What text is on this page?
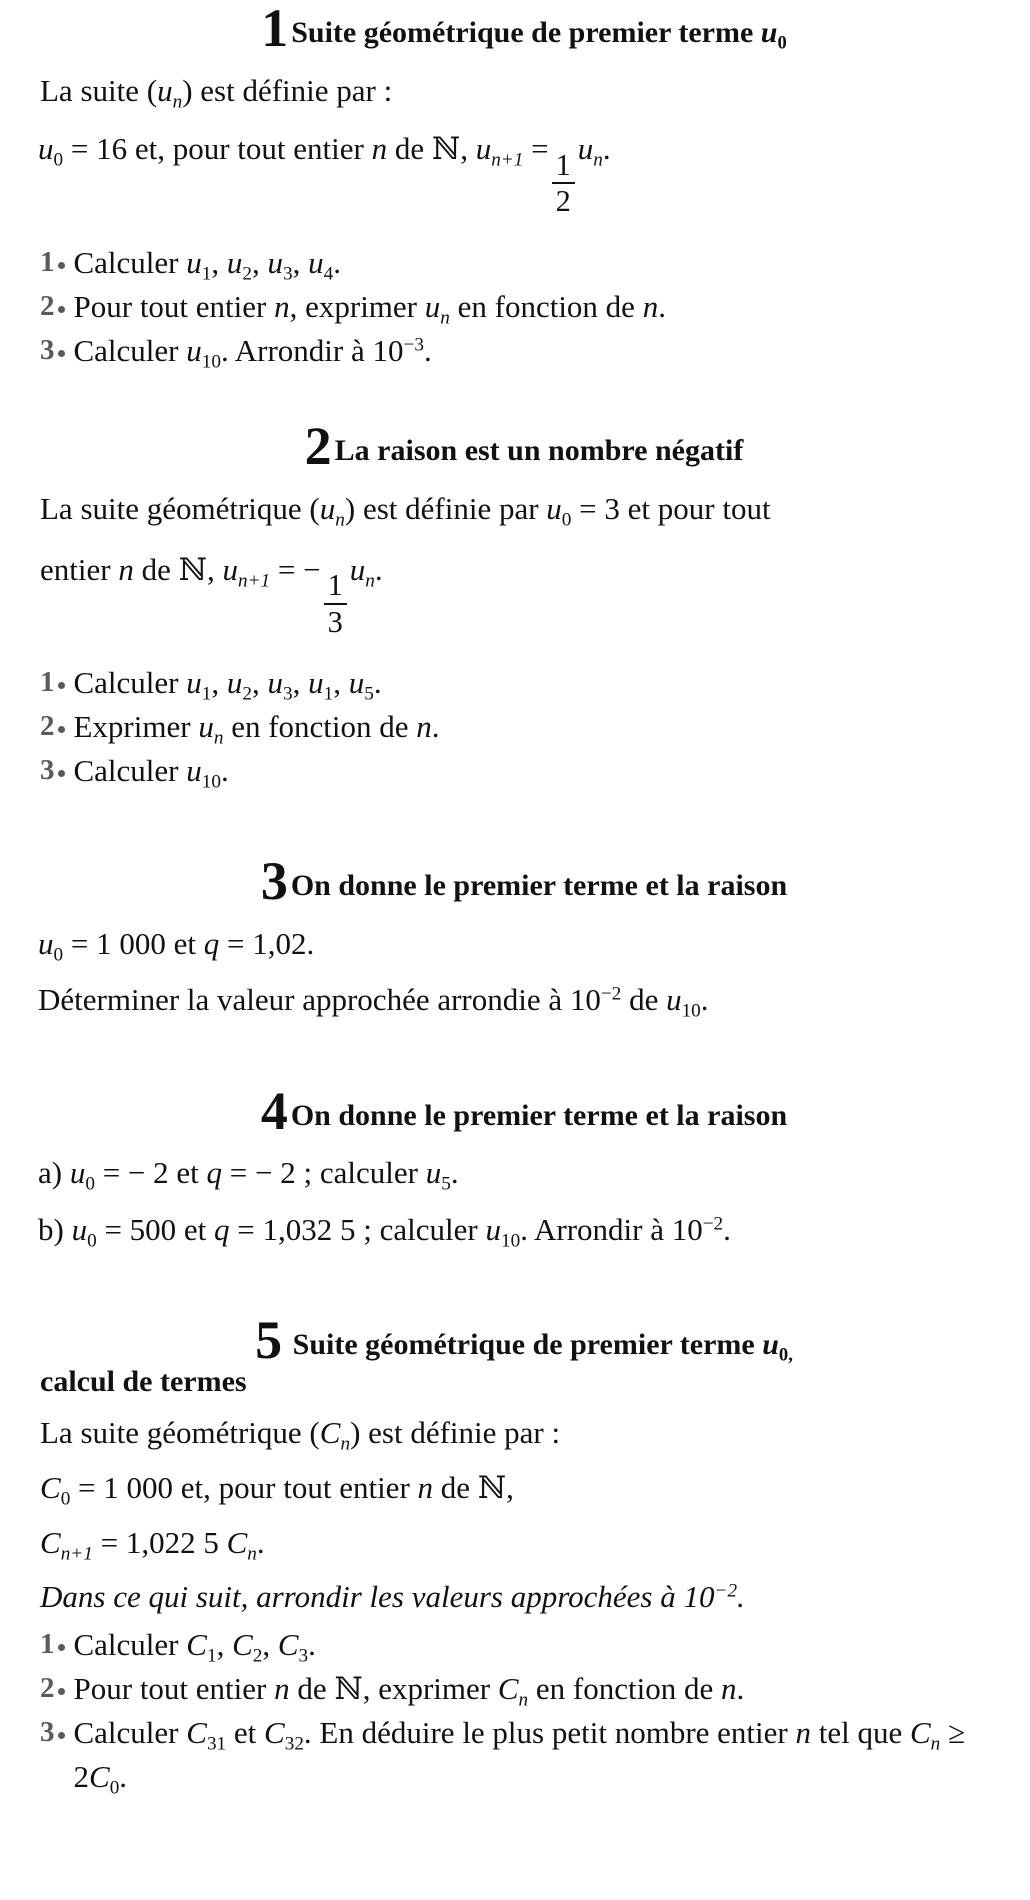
1 Suite géométrique de premier terme $u_0$
La suite $(u_n)$ est définie par :
$u_0 = 16$ et, pour tout entier n de ℕ, $u_{n+1}$ =
$\frac{1}{2}$
$u_n$.
1 Calculer $u_1$, $u_2$, $u_3$, $u_4$.
2 Pour tout entier n, exprimer $u_n$ en fonction de n.
3 Calculer $u_{10}$. Arrondir à $10^{-3}$.
2 La raison est un nombre négatif
La suite géométrique $(u_n)$ est définie par $u_0 = 3$ et pour tout
entier n de ℕ, $u_{n+1}$ = −
$\frac{1}{3}$
$u_n$.
1 Calculer $u_1$, $u_2$, $u_3$, $u_1$, $u_5$.
2 Exprimer $u_n$ en fonction de n.
3 Calculer $u_{10}$.
3 On donne le premier terme et la raison
$u_0 = 1$ 000 et q = 1,02.
Déterminer la valeur approchée arrondie à $10^{-2}$ de $u_{10}$.
4 On donne le premier terme et la raison
a) $u_0$ = − 2 et q = − 2 ; calculer $u_5$.
b) $u_0 = 500$ et q = 1,032 5 ; calculer $u_{10}$. Arrondir à $10^{-2}$.
5 Suite géométrique de premier terme $u_{0,}$
calcul de termes
La suite géométrique $(C_n)$ est définie par :
$C_0 = 1$ 000 et, pour tout entier n de ℕ,
$C_{n+1} = 1,022$ 5 $C_n$.
Dans ce qui suit, arrondir les valeurs approchées à $10^{-2}$.
1 Calculer $C_1$, $C_2$, $C_3$.
2 Pour tout entier n de ℕ, exprimer $C_n$ en fonction de n.
3 Calculer $C_{31}$ et $C_{32}$. En déduire le plus petit nombre entier n tel que $C_n \ge 2C_0$.
